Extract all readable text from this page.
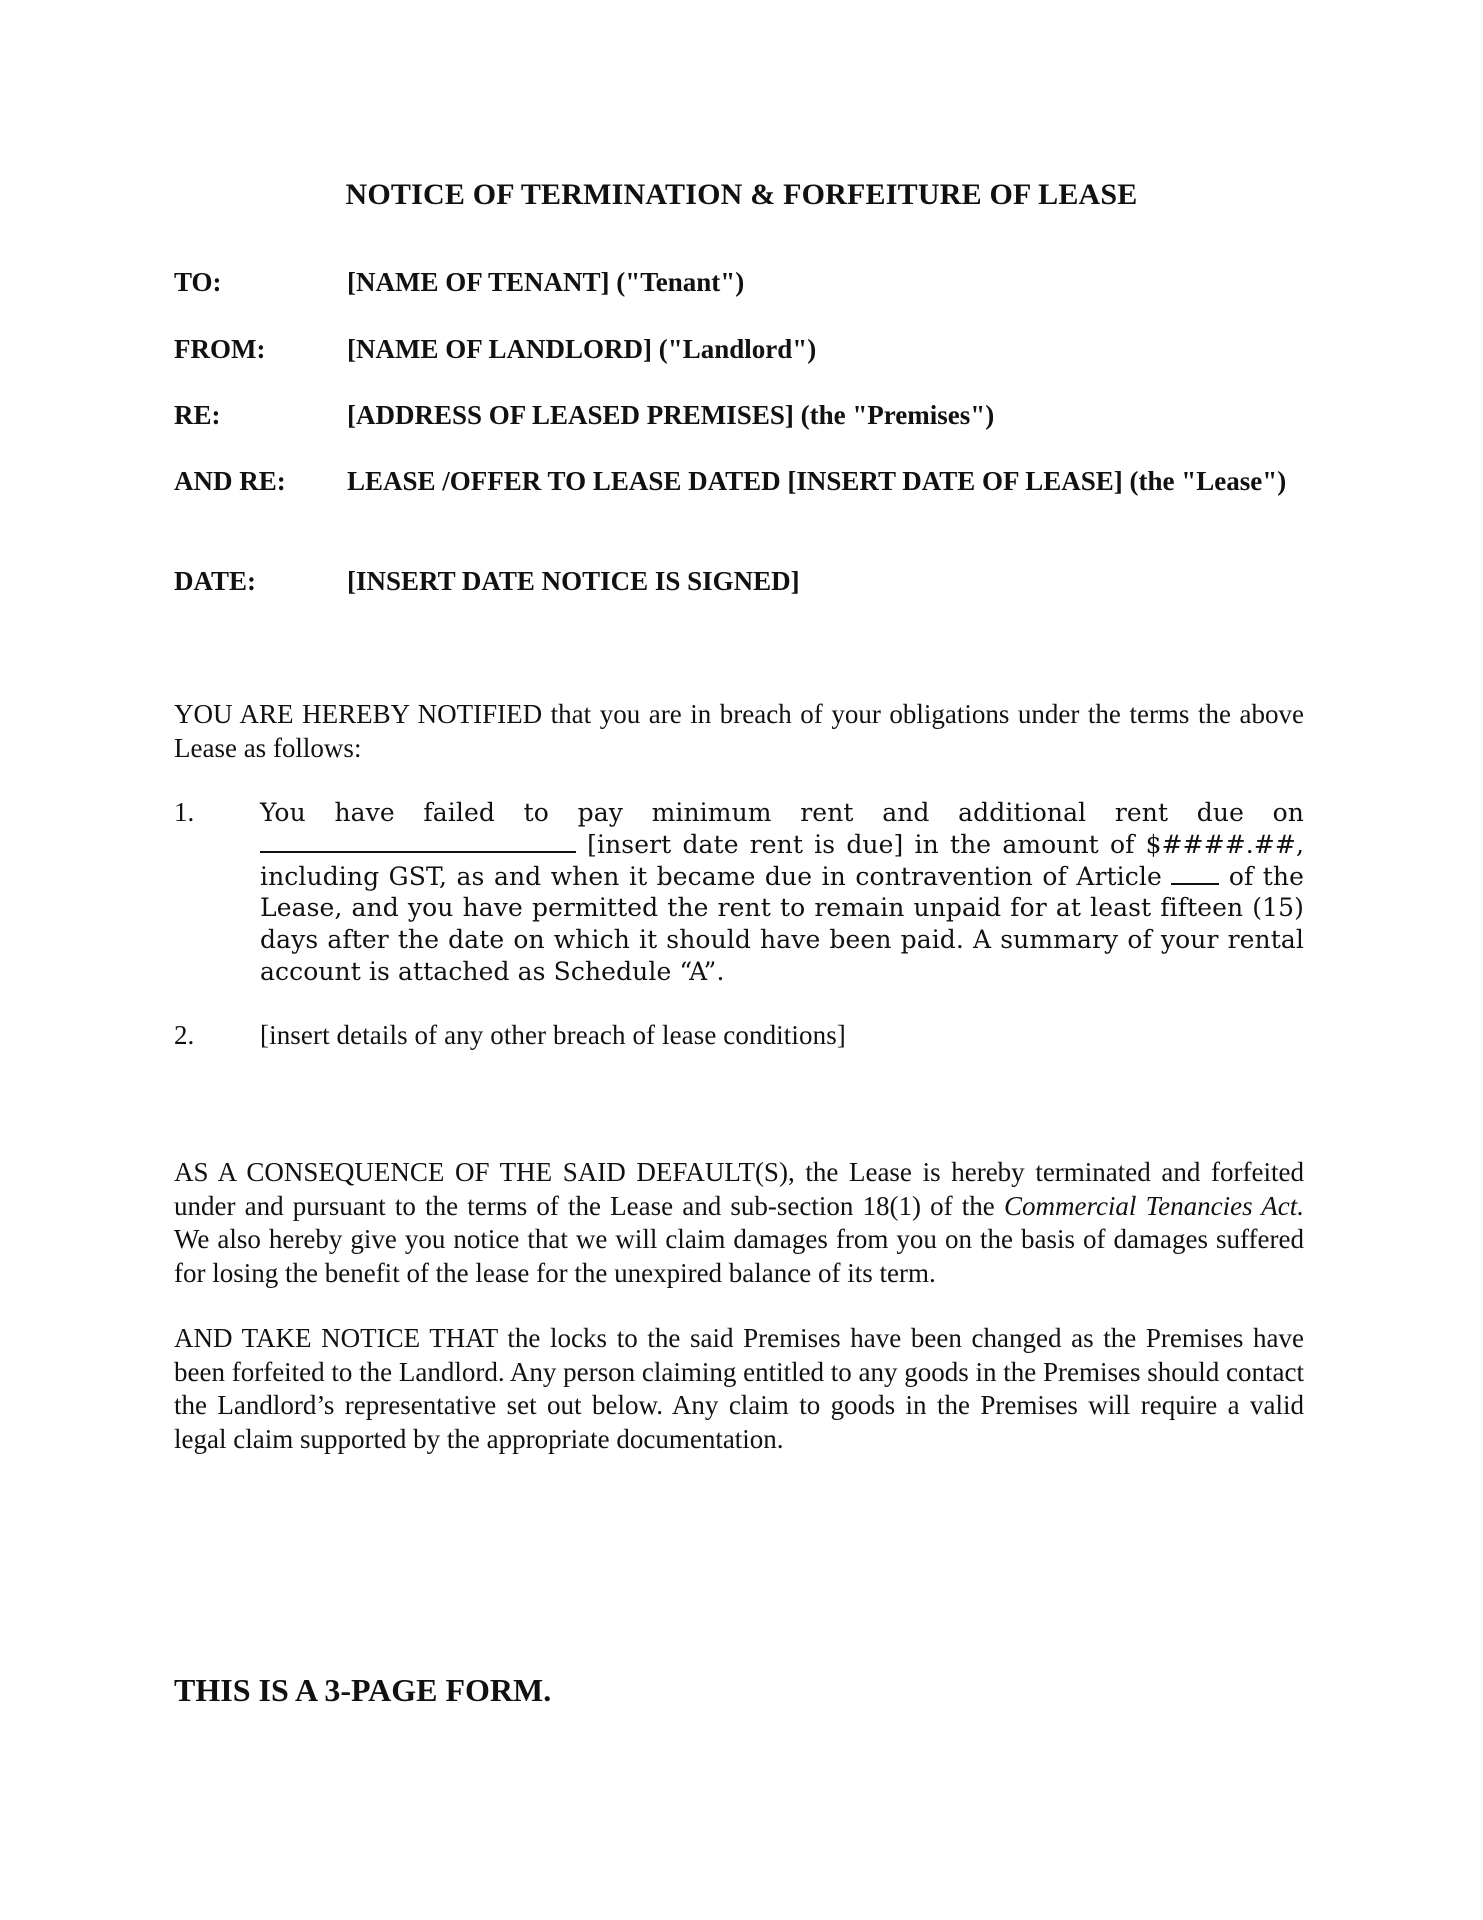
NOTICE OF TERMINATION & FORFEITURE OF LEASE
TO:	[NAME OF TENANT] ("Tenant")
FROM:	[NAME OF LANDLORD] ("Landlord")
RE:	[ADDRESS OF LEASED PREMISES] (the "Premises")
AND RE: LEASE /OFFER TO LEASE DATED [INSERT DATE OF LEASE] (the "Lease")
DATE:	[INSERT DATE NOTICE IS SIGNED]
YOU ARE HEREBY NOTIFIED that you are in breach of your obligations under the terms the above Lease as follows:
1.	You have failed to pay minimum rent and additional rent due on  [insert date rent is due] in the amount of $####.##, including GST, as and when it became due in contravention of Article	of the Lease, and you have permitted the rent to remain unpaid for at least fifteen (15) days after the date on which it should have been paid. A summary of your rental account is attached as Schedule “A”.
2. [insert details of any other breach of lease conditions]
AS A CONSEQUENCE OF THE SAID DEFAULT(S), the Lease is hereby terminated and forfeited under and pursuant to the terms of the Lease and sub-section 18(1) of the Commercial Tenancies Act. We also hereby give you notice that we will claim damages from you on the basis of damages suffered for losing the benefit of the lease for the unexpired balance of its term.
AND TAKE NOTICE THAT the locks to the said Premises have been changed as the Premises have been forfeited to the Landlord. Any person claiming entitled to any goods in the Premises should contact the Landlord’s representative set out below. Any claim to goods in the Premises will require a valid legal claim supported by the appropriate documentation.
THIS IS A 3-PAGE FORM.
